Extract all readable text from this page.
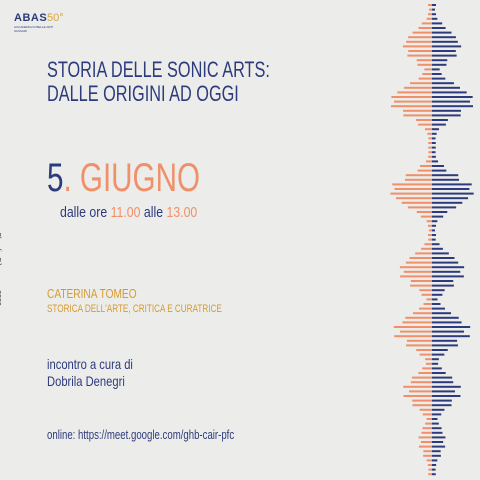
ABAS 50°
ACCADEMIA DI BELLE ARTI SASSARI
STORIA DELLE SONIC ARTS:
DALLE ORIGINI AD OGGI
5. GIUGNO
dalle ore 11.00 alle 13.00
CATERINA TOMEO
STORICA DELL'ARTE, CRITICA E CURATRICE
incontro a cura di
Dobrila Denegri
online: https://meet.google.com/ghb-cair-pfc
